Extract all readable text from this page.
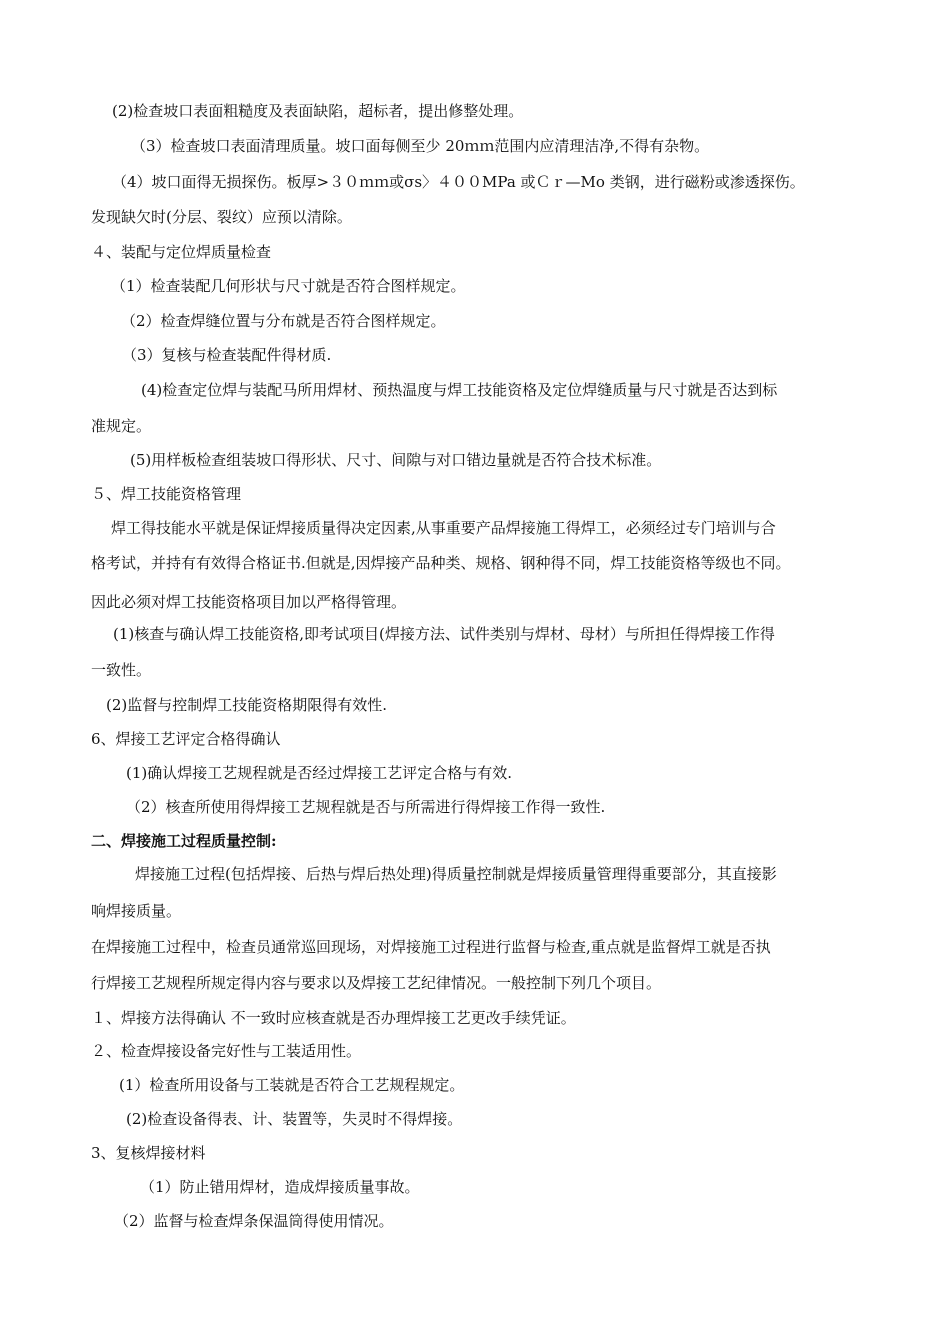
(2)检查坡口表面粗糙度及表面缺陷，超标者，提出修整处理。
（3）检查坡口表面清理质量。坡口面每侧至少 20ｍｍ范围内应清理洁净,不得有杂物。
（4）坡口面得无损探伤。板厚>３０ｍｍ或σs〉４００MPa 或Ｃｒ—Mo 类钢，进行磁粉或渗透探伤。
发现缺欠时(分层、裂纹）应预以清除。
４、装配与定位焊质量检查
（1）检查装配几何形状与尺寸就是否符合图样规定。
（2）检查焊缝位置与分布就是否符合图样规定。
（3）复核与检查装配件得材质.
(4)检查定位焊与装配马所用焊材、预热温度与焊工技能资格及定位焊缝质量与尺寸就是否达到标
准规定。
(5)用样板检查组装坡口得形状、尺寸、间隙与对口错边量就是否符合技术标准。
５、焊工技能资格管理
焊工得技能水平就是保证焊接质量得决定因素,从事重要产品焊接施工得焊工，必须经过专门培训与合
格考试，并持有有效得合格证书.但就是,因焊接产品种类、规格、钢种得不同，焊工技能资格等级也不同。
因此必须对焊工技能资格项目加以严格得管理。
(1)核查与确认焊工技能资格,即考试项目(焊接方法、试件类别与焊材、母材）与所担任得焊接工作得
一致性。
(2)监督与控制焊工技能资格期限得有效性.
6、焊接工艺评定合格得确认
(1)确认焊接工艺规程就是否经过焊接工艺评定合格与有效.
（2）核查所使用得焊接工艺规程就是否与所需进行得焊接工作得一致性.
二、焊接施工过程质量控制:
焊接施工过程(包括焊接、后热与焊后热处理)得质量控制就是焊接质量管理得重要部分，其直接影
响焊接质量。
在焊接施工过程中，检查员通常巡回现场，对焊接施工过程进行监督与检查,重点就是监督焊工就是否执
行焊接工艺规程所规定得内容与要求以及焊接工艺纪律情况。一般控制下列几个项目。
１、焊接方法得确认 不一致时应核查就是否办理焊接工艺更改手续凭证。
２、检查焊接设备完好性与工装适用性。
(1）检查所用设备与工装就是否符合工艺规程规定。
(2)检查设备得表、计、装置等，失灵时不得焊接。
3、复核焊接材料
（1）防止错用焊材，造成焊接质量事故。
（2）监督与检查焊条保温筒得使用情况。
